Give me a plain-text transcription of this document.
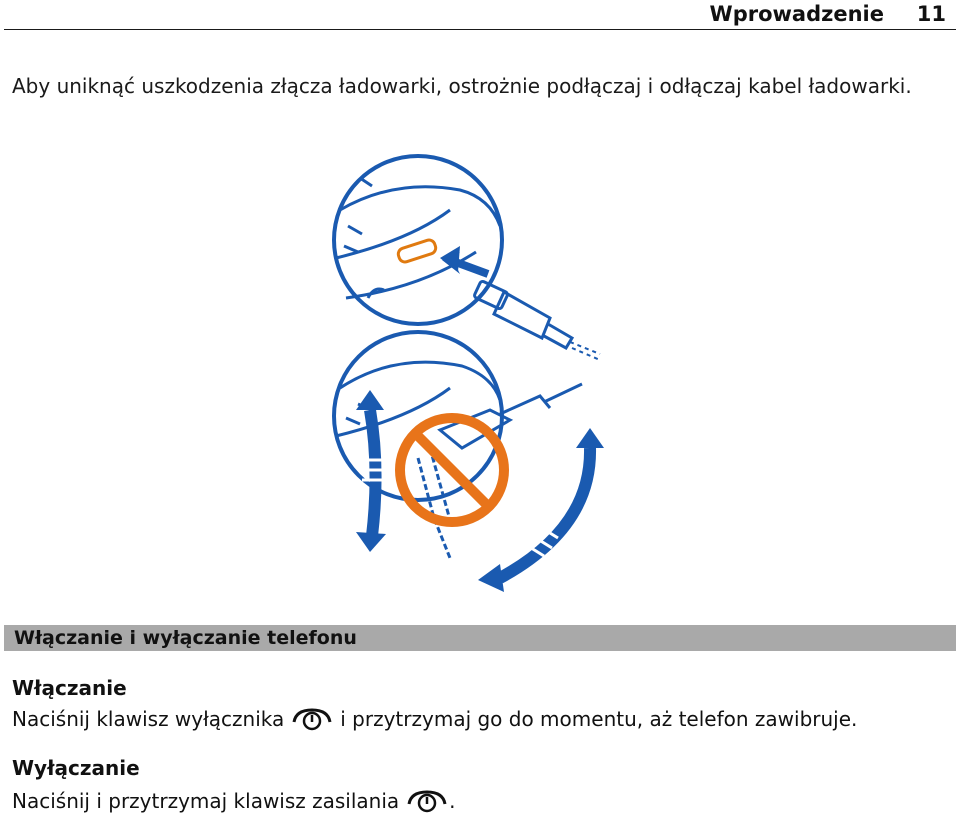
Wprowadzenie 11
Aby uniknąć uszkodzenia złącza ładowarki, ostrożnie podłączaj i odłączaj kabel ładowarki.
Włączanie i wyłączanie telefonu
Włączanie
Naciśnij klawisz wyłącznika	i przytrzymaj go do momentu, aż telefon zawibruje.
Wyłączanie
Naciśnij i przytrzymaj klawisz zasilania	.
